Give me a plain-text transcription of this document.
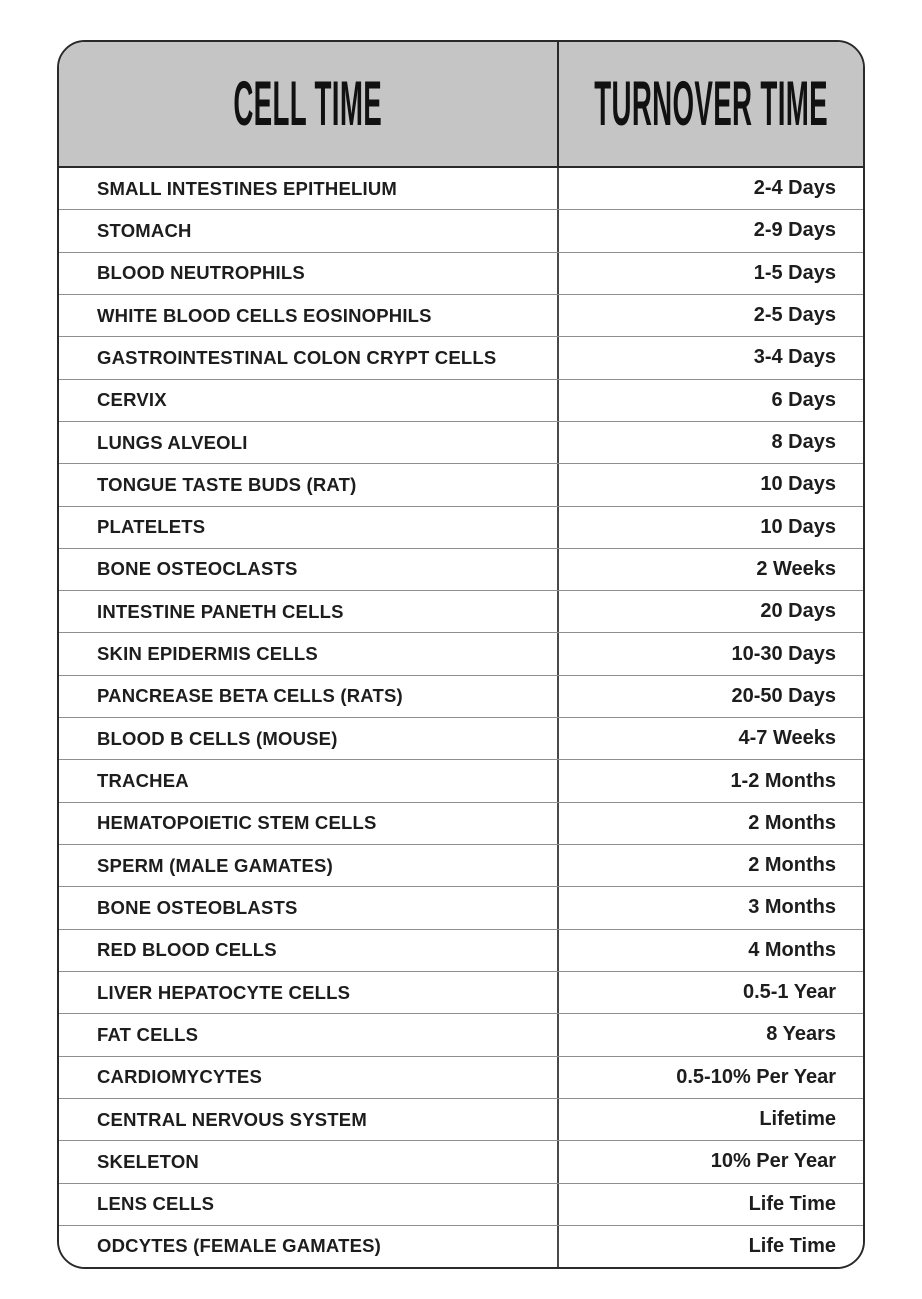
CELL TIME	TURNOVER TIME
SMALL INTESTINES EPITHELIUM	2-4 Days
STOMACH	2-9 Days
BLOOD NEUTROPHILS	1-5 Days
WHITE BLOOD CELLS EOSINOPHILS	2-5 Days
GASTROINTESTINAL COLON CRYPT CELLS	3-4 Days
CERVIX	6 Days
LUNGS ALVEOLI	8 Days
TONGUE TASTE BUDS (RAT)	10 Days
PLATELETS	10 Days
BONE OSTEOCLASTS	2 Weeks
INTESTINE PANETH CELLS	20 Days
SKIN EPIDERMIS CELLS	10-30 Days
PANCREASE BETA CELLS (RATS)	20-50 Days
BLOOD B CELLS (MOUSE)	4-7 Weeks
TRACHEA	1-2 Months
HEMATOPOIETIC STEM CELLS	2 Months
SPERM (MALE GAMATES)	2 Months
BONE OSTEOBLASTS	3 Months
RED BLOOD CELLS	4 Months
LIVER HEPATOCYTE CELLS	0.5-1 Year
FAT CELLS	8 Years
CARDIOMYCYTES	0.5-10% Per Year
CENTRAL NERVOUS SYSTEM	Lifetime
SKELETON	10% Per Year
LENS CELLS	Life Time
ODCYTES (FEMALE GAMATES)	Life Time
